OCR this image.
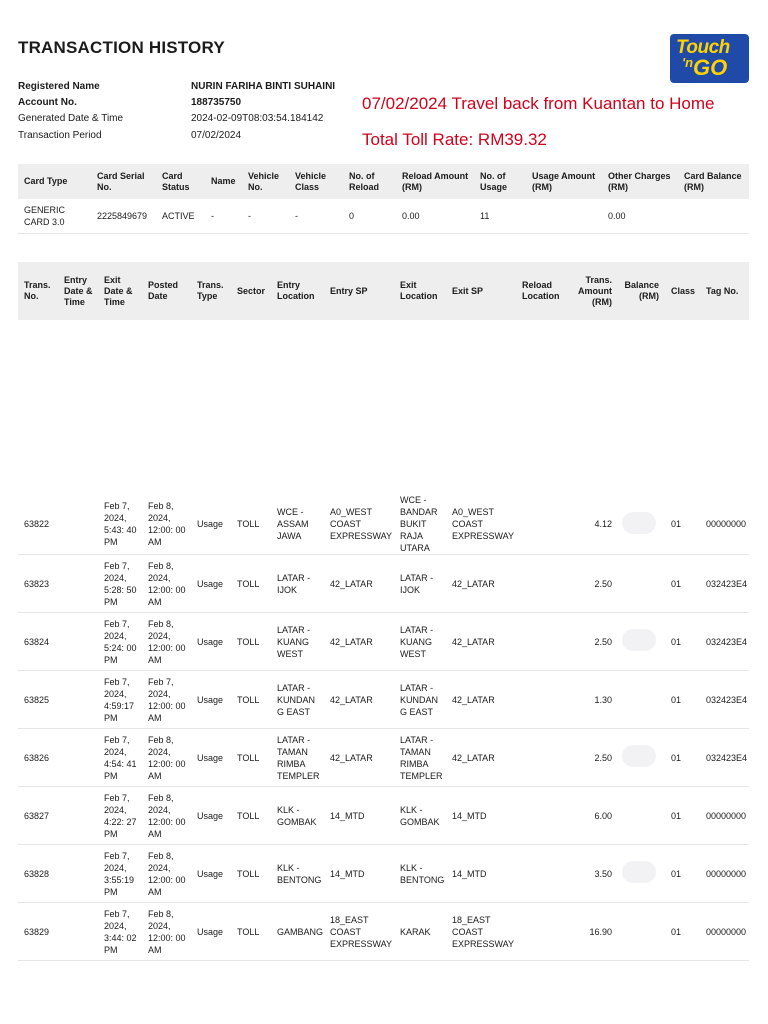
TRANSACTION HISTORY	Touch
$^{'n}$GO
Registered Name	NURIN FARIHA BINTI SUHAINI
Account No.	188735750
Generated Date & Time	2024-02-09T08:03:54.184142
Transaction Period	07/02/2024
07/02/2024 Travel back from Kuantan to Home
Total Toll Rate: RM39.32
Card Type	Card Serial No.	Card Status	Name	Vehicle No.	Vehicle Class	No. of Reload	Reload Amount (RM)	No. of Usage	Usage Amount (RM)	Other Charges (RM)	Card Balance (RM)
GENERIC CARD 3.0	2225849679	ACTIVE	-	-	-	0	0.00	11		0.00	
Trans. No.	Entry Date & Time	Exit Date & Time	Posted Date	Trans. Type	Sector	Entry Location	Entry SP	Exit Location	Exit SP	Reload Location	Trans. Amount (RM)	Balance (RM)	Class	Tag No.
63822		Feb 7, 2024, 5:43: 40 PM	Feb 8, 2024, 12:00: 00 AM	Usage	TOLL	WCE - ASSAM JAWA	A0_WEST COAST EXPRESSWAY	WCE - BANDAR BUKIT RAJA UTARA	A0_WEST COAST EXPRESSWAY		4.12		01	00000000
63823		Feb 7, 2024, 5:28: 50 PM	Feb 8, 2024, 12:00: 00 AM	Usage	TOLL	LATAR - IJOK	42_LATAR	LATAR - IJOK	42_LATAR		2.50		01	032423E4
63824		Feb 7, 2024, 5:24: 00 PM	Feb 8, 2024, 12:00: 00 AM	Usage	TOLL	LATAR - KUANG WEST	42_LATAR	LATAR - KUANG WEST	42_LATAR		2.50		01	032423E4
63825		Feb 7, 2024, 4:59:17 PM	Feb 7, 2024, 12:00: 00 AM	Usage	TOLL	LATAR - KUNDAN G EAST	42_LATAR	LATAR - KUNDAN G EAST	42_LATAR		1.30		01	032423E4
63826		Feb 7, 2024, 4:54: 41 PM	Feb 8, 2024, 12:00: 00 AM	Usage	TOLL	LATAR - TAMAN RIMBA TEMPLER	42_LATAR	LATAR - TAMAN RIMBA TEMPLER	42_LATAR		2.50		01	032423E4
63827		Feb 7, 2024, 4:22: 27 PM	Feb 8, 2024, 12:00: 00 AM	Usage	TOLL	KLK - GOMBAK	14_MTD	KLK - GOMBAK	14_MTD		6.00		01	00000000
63828		Feb 7, 2024, 3:55:19 PM	Feb 8, 2024, 12:00: 00 AM	Usage	TOLL	KLK - BENTONG	14_MTD	KLK - BENTONG	14_MTD		3.50		01	00000000
63829		Feb 7, 2024, 3:44: 02 PM	Feb 8, 2024, 12:00: 00 AM	Usage	TOLL	GAMBANG	18_EAST COAST EXPRESSWAY	KARAK	18_EAST COAST EXPRESSWAY		16.90		01	00000000
